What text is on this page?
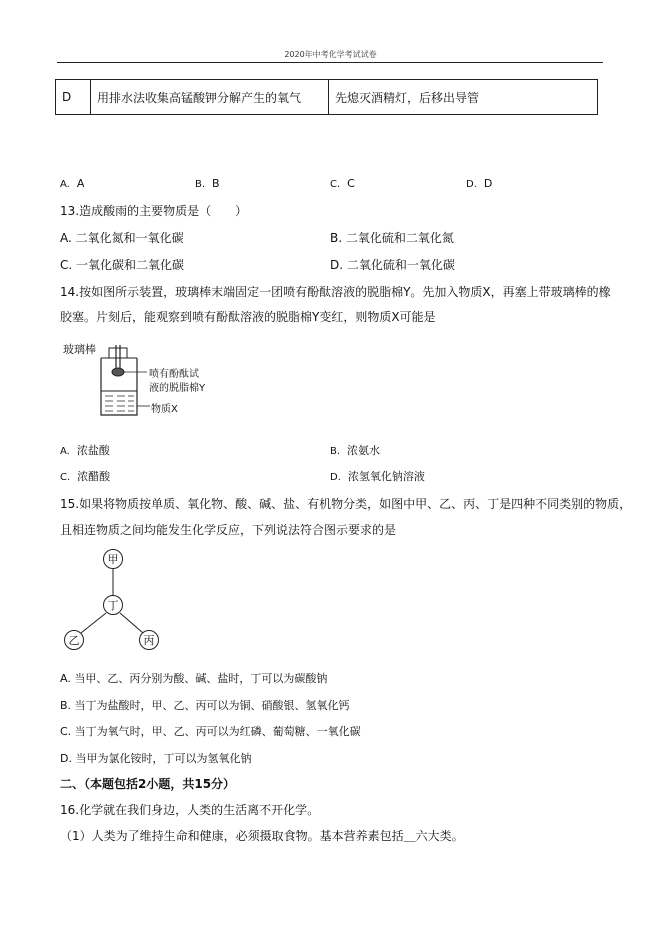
2020年中考化学考试试卷
D	用排水法收集高锰酸钾分解产生的氧气	先熄灭酒精灯，后移出导管
A. A	B. B	C. C	D. D
13.造成酸雨的主要物质是（　　）
A. 二氧化氮和一氧化碳	B. 二氧化硫和二氧化氮
C. 一氧化碳和二氧化碳	D. 二氧化硫和一氧化碳
14.按如图所示装置，玻璃棒末端固定一团喷有酚酞溶液的脱脂棉Y。先加入物质X，再塞上带玻璃棒的橡
胶塞。片刻后，能观察到喷有酚酞溶液的脱脂棉Y变红，则物质X可能是
玻璃棒
喷有酚酞试
液的脱脂棉Y
物质X
A. 浓盐酸	B. 浓氨水
C. 浓醋酸	D. 浓氢氧化钠溶液
15.如果将物质按单质、氧化物、酸、碱、盐、有机物分类，如图中甲、乙、丙、丁是四种不同类别的物质，
且相连物质之间均能发生化学反应，下列说法符合图示要求的是
甲
丁
乙	丙
A. 当甲、乙、丙分别为酸、碱、盐时，丁可以为碳酸钠
B. 当丁为盐酸时，甲、乙、丙可以为铜、硝酸银、氢氧化钙
C. 当丁为氧气时，甲、乙、丙可以为红磷、葡萄糖、一氧化碳
D. 当甲为氯化铵时，丁可以为氢氧化钠
二、（本题包括2小题，共15分）
16.化学就在我们身边，人类的生活离不开化学。
（1）人类为了维持生命和健康，必须摄取食物。基本营养素包括＿六大类。
